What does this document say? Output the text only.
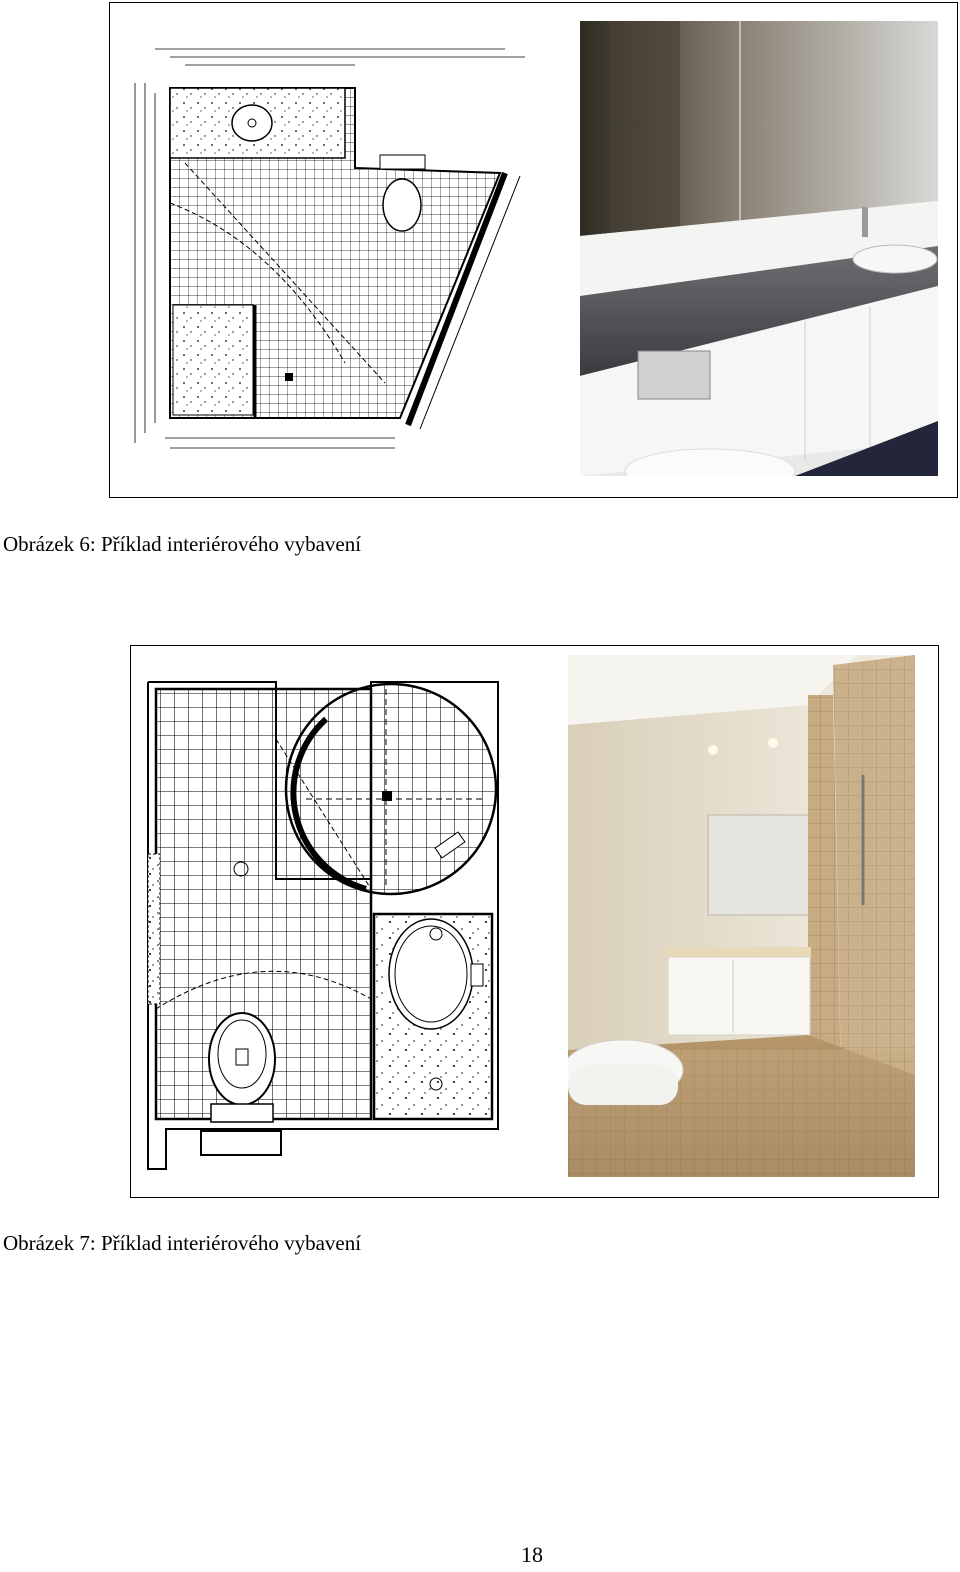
Obrázek 6: Příklad interiérového vybavení
Obrázek 7: Příklad interiérového vybavení
18
